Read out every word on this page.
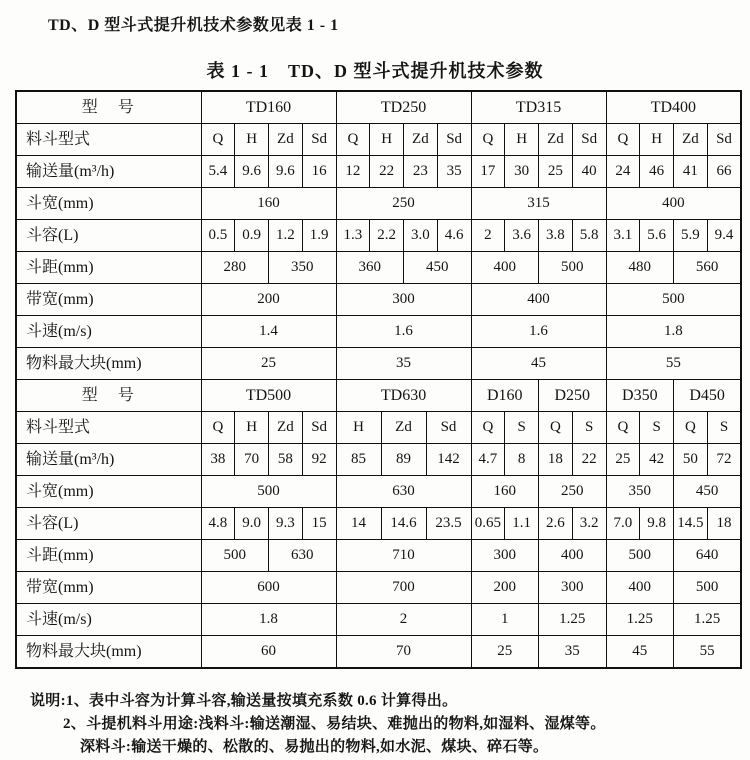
TD、D 型斗式提升机技术参数见表 1 - 1
表 1 - 1　TD、D 型斗式提升机技术参数
型　号	TD160				TD250						TD315				TD400			
料斗型式	Q	H	Zd	Sd	Q	H		Zd		Sd	Q	H	Zd	Sd	Q	H	Zd	Sd
输送量(m³/h)	5.4	9.6	9.6	16	12	22		23		35	17	30	25	40	24	46	41	66
斗宽(mm)	160				250						315				400			
斗容(L)	0.5	0.9	1.2	1.9	1.3	2.2		3.0		4.6	2	3.6	3.8	5.8	3.1	5.6	5.9	9.4
斗距(mm)	280		350		360			450			400		500		480		560	
带宽(mm)	200				300						400				500			
斗速(m/s)	1.4				1.6						1.6				1.8			
物料最大块(mm)	25				35						45				55			
型　号	TD500				TD630						D160		D250		D350		D450	
料斗型式	Q	H	Zd	Sd	H		Zd		Sd		Q	S	Q	S	Q	S	Q	S
输送量(m³/h)	38	70	58	92	85		89		142		4.7	8	18	22	25	42	50	72
斗宽(mm)	500				630						160		250		350		450	
斗容(L)	4.8	9.0	9.3	15	14		14.6		23.5		0.65	1.1	2.6	3.2	7.0	9.8	14.5	18
斗距(mm)	500		630		710						300		400		500		640	
带宽(mm)	600				700						200		300		400		500	
斗速(m/s)	1.8				2						1		1.25		1.25		1.25	
物料最大块(mm)	60				70						25		35		45		55	
说明:1、表中斗容为计算斗容,输送量按填充系数 0.6 计算得出。
2、斗提机料斗用途:浅料斗:输送潮湿、易结块、难抛出的物料,如湿料、湿煤等。
深料斗:输送干燥的、松散的、易抛出的物料,如水泥、煤块、碎石等。
